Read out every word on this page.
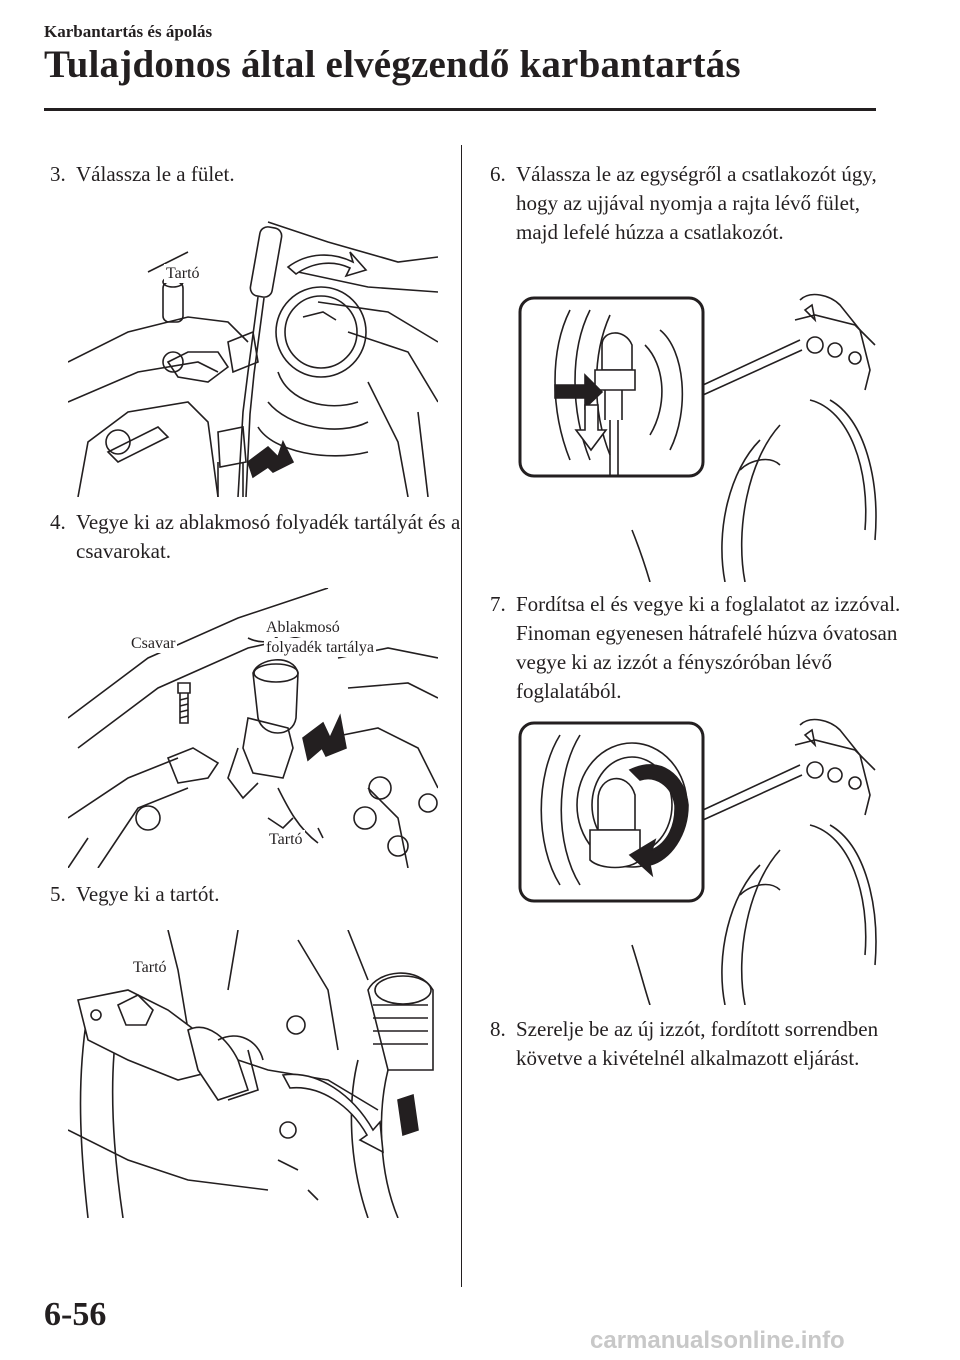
Karbantartás és ápolás
Tulajdonos által elvégzendő karbantartás
3. Válassza le a fület.
Tartó
4. Vegye ki az ablakmosó folyadék tartályát és a csavarokat.
Csavar
Ablakmosó
folyadék tartálya
Tartó
5. Vegye ki a tartót.
Tartó
6. Válassza le az egységről a csatlakozót úgy, hogy az ujjával nyomja a rajta lévő fület, majd lefelé húzza a csatlakozót.
7. Fordítsa el és vegye ki a foglalatot az izzóval. Finoman egyenesen hátrafelé húzva óvatosan vegye ki az izzót a fényszóróban lévő foglalatából.
8. Szerelje be az új izzót, fordított sorrendben követve a kivételnél alkalmazott eljárást.
6-56
carmanualsonline.info
